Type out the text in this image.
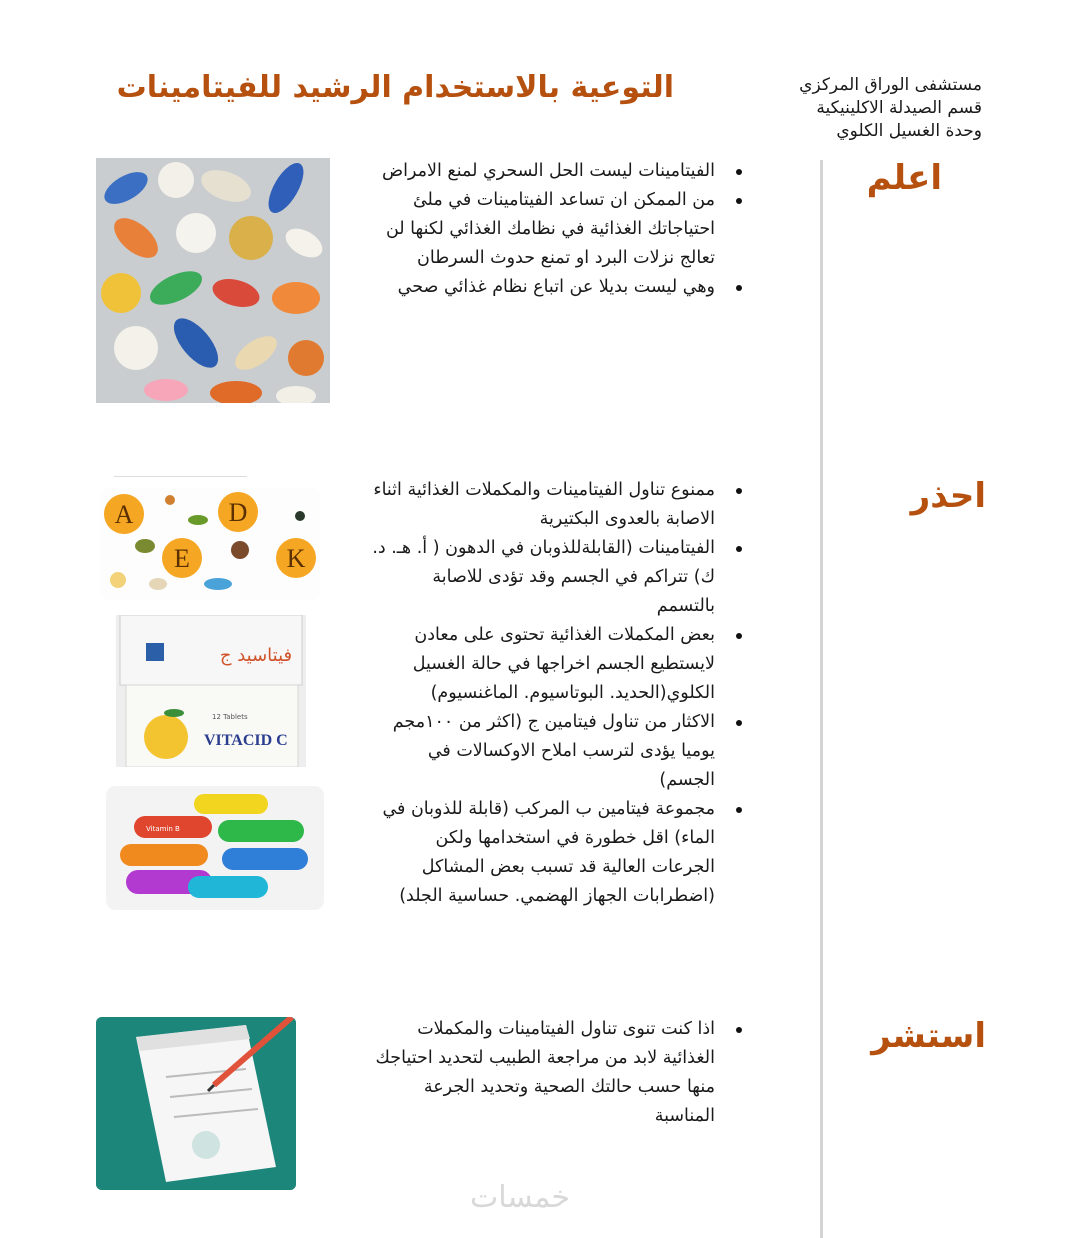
مستشفى الوراق المركزي
قسم الصيدلة الاكلينيكية
وحدة الغسيل الكلوي
التوعية بالاستخدام الرشيد للفيتامينات
اعلم
احذر
استشر
الفيتامينات ليست الحل السحري لمنع الامراض
من الممكن ان تساعد الفيتامينات في ملئ احتياجاتك الغذائية في نظامك الغذائي لكنها لن تعالج نزلات البرد او تمنع حدوث السرطان
وهي ليست بديلا عن اتباع نظام غذائي صحي
ممنوع تناول الفيتامينات والمكملات الغذائية اثناء الاصابة بالعدوى البكتيرية
الفيتامينات (القابلةللذوبان في الدهون ( أ. هـ. د. ك) تتراكم في الجسم وقد تؤدى للاصابة بالتسمم
بعض المكملات الغذائية تحتوى على معادن لايستطيع الجسم اخراجها في حالة الغسيل الكلوي(الحديد. البوتاسيوم. الماغنسيوم)
الاكثار من تناول فيتامين ج (اكثر من ١٠٠مجم يوميا يؤدى لترسب املاح الاوكسالات في الجسم)
مجموعة فيتامين ب المركب (قابلة للذوبان في الماء) اقل خطورة في استخدامها ولكن الجرعات العالية قد تسبب بعض المشاكل (اضطرابات الجهاز الهضمي. حساسية الجلد)
اذا كنت تنوى تناول الفيتامينات والمكملات الغذائية لابد من مراجعة الطبيب لتحديد احتياجك منها حسب حالتك الصحية وتحديد الجرعة المناسبة
A	D
E	K
فيتاسيد ج
12 Tablets
VITACID C
Vitamin B
خمسات
